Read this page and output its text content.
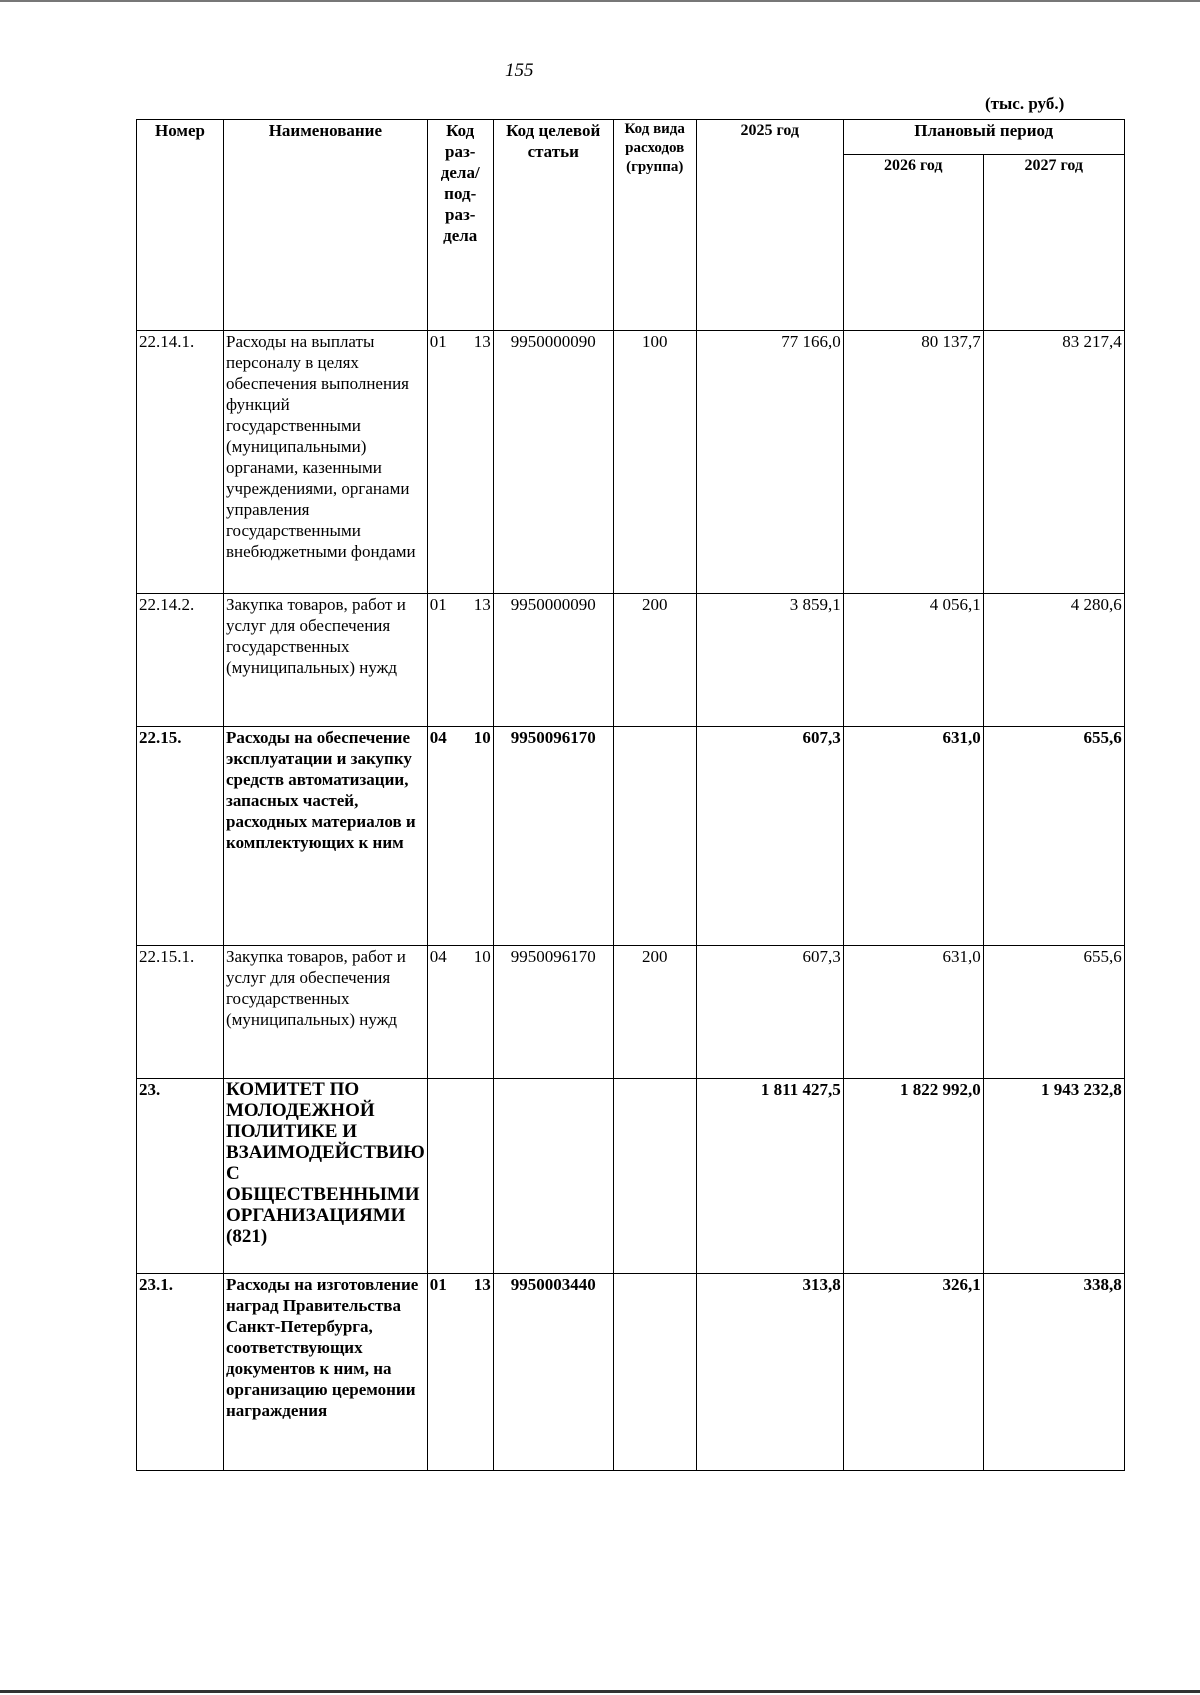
155
(тыс. руб.)
Номер	Наименование	Код раз-дела/ под-раз-дела	Код целевой статьи	Код вида расходов (группа)	2025 год	Плановый период	
						2026 год	2027 год
22.14.1.	Расходы на выплаты персоналу в целях обеспечения выполнения функций государственными (муниципальными) органами, казенными учреждениями, органами управления государственными внебюджетными фондами	01 13	9950000090	100	77 166,0	80 137,7	83 217,4
22.14.2.	Закупка товаров, работ и услуг для обеспечения государственных (муниципальных) нужд	01 13	9950000090	200	3 859,1	4 056,1	4 280,6
22.15.	Расходы на обеспечение эксплуатации и закупку средств автоматизации, запасных частей, расходных материалов и комплектующих к ним	04 10	9950096170		607,3	631,0	655,6
22.15.1.	Закупка товаров, работ и услуг для обеспечения государственных (муниципальных) нужд	04 10	9950096170	200	607,3	631,0	655,6
23.	КОМИТЕТ ПО МОЛОДЕЖНОЙ ПОЛИТИКЕ И ВЗАИМОДЕЙСТВИЮ С ОБЩЕСТВЕННЫМИ ОРГАНИЗАЦИЯМИ (821)				1 811 427,5	1 822 992,0	1 943 232,8
23.1.	Расходы на изготовление наград Правительства Санкт-Петербурга, соответствующих документов к ним, на организацию церемонии награждения	01 13	9950003440		313,8	326,1	338,8
